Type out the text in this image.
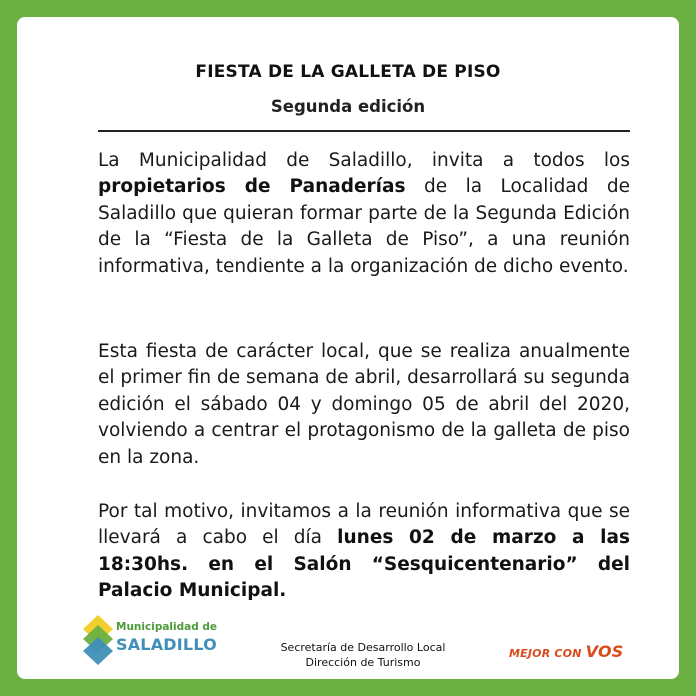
FIESTA DE LA GALLETA DE PISO
Segunda edición
La Municipalidad de Saladillo, invita a todos los propietarios de Panaderías de la Localidad de Saladillo que quieran formar parte de la Segunda Edición de la “Fiesta de la Galleta de Piso”, a una reunión informativa, tendiente a la organización de dicho evento.
Esta fiesta de carácter local, que se realiza anualmente el primer fin de semana de abril, desarrollará su segunda edición el sábado 04 y domingo 05 de abril del 2020, volviendo a centrar el protagonismo de la galleta de piso en la zona.
Por tal motivo, invitamos a la reunión informativa que se llevará a cabo el día lunes 02 de marzo a las 18:30hs. en el Salón “Sesquicentenario” del Palacio Municipal.
Municipalidad de
SALADILLO	Secretaría de Desarrollo Local
Dirección de Turismo
MEJOR CON VOS
